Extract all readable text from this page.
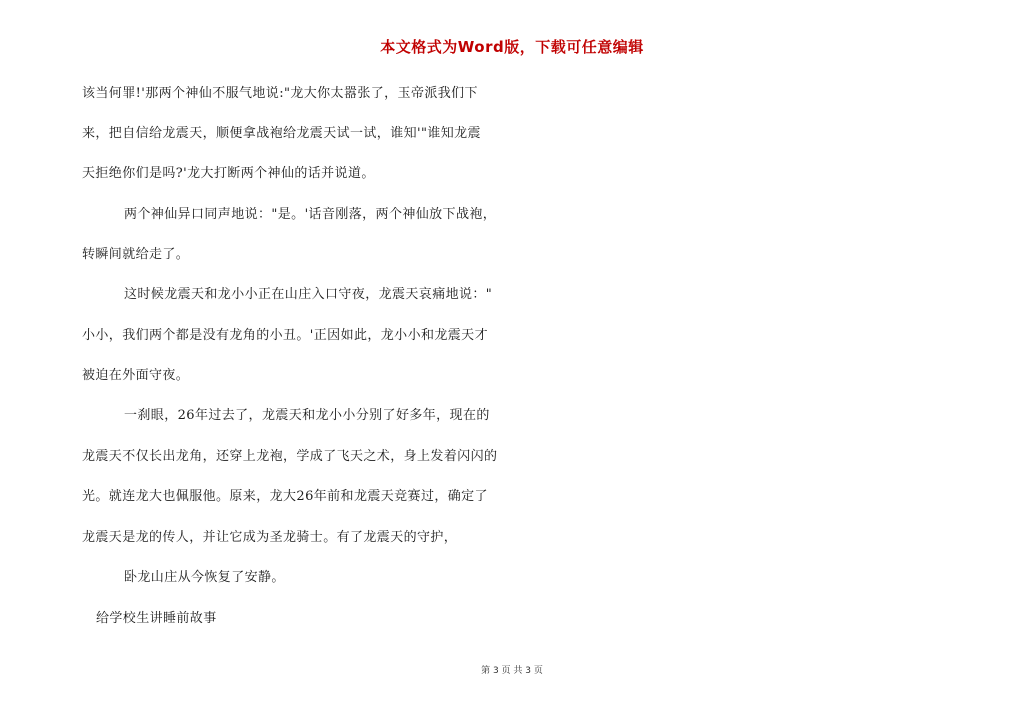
本文格式为Word版，下载可任意编辑
该当何罪!'那两个神仙不服气地说:"龙大你太嚣张了，玉帝派我们下
来，把自信给龙震天，顺便拿战袍给龙震天试一试，谁知'"谁知龙震
天拒绝你们是吗?'龙大打断两个神仙的话并说道。
两个神仙异口同声地说："是。'话音刚落，两个神仙放下战袍，
转瞬间就给走了。
这时候龙震天和龙小小正在山庄入口守夜，龙震天哀痛地说："
小小，我们两个都是没有龙角的小丑。'正因如此，龙小小和龙震天才
被迫在外面守夜。
一刹眼，26年过去了，龙震天和龙小小分别了好多年，现在的
龙震天不仅长出龙角，还穿上龙袍，学成了飞天之术，身上发着闪闪的
光。就连龙大也佩服他。原来，龙大26年前和龙震天竞赛过，确定了
龙震天是龙的传人，并让它成为圣龙骑士。有了龙震天的守护，
卧龙山庄从今恢复了安静。
给学校生讲睡前故事
第 3 页 共 3 页
